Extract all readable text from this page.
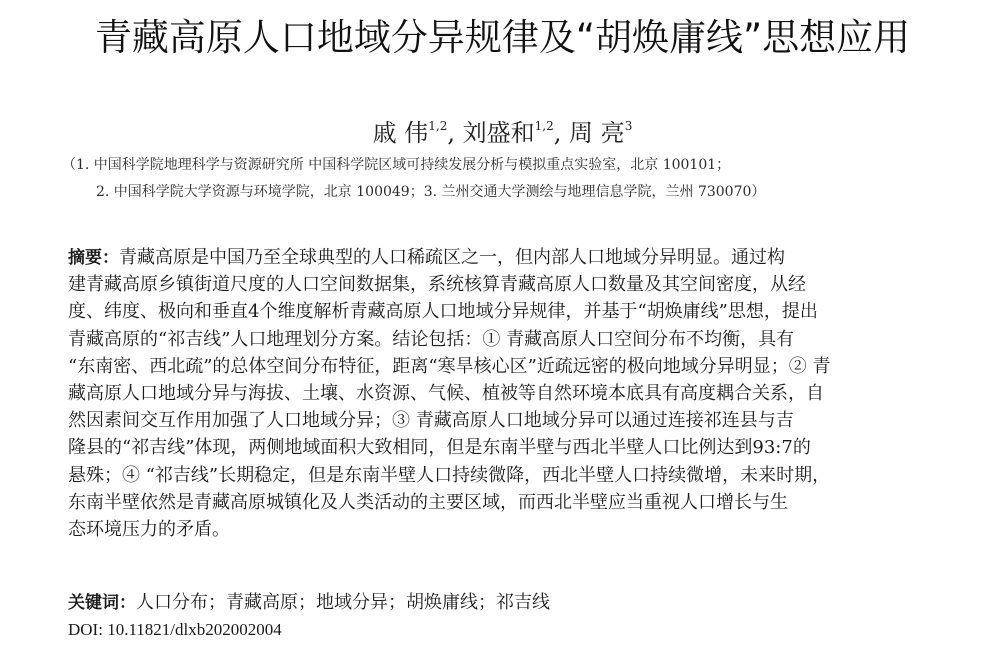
青藏高原人口地域分异规律及“胡焕庸线”思想应用
戚 伟$^{1,2}$, 刘盛和$^{1,2}$, 周 亮$^3$
（1. 中国科学院地理科学与资源研究所 中国科学院区域可持续发展分析与模拟重点实验室，北京 100101；
2. 中国科学院大学资源与环境学院，北京 100049；3. 兰州交通大学测绘与地理信息学院，兰州 730070）
摘要：青藏高原是中国乃至全球典型的人口稀疏区之一，但内部人口地域分异明显。通过构
建青藏高原乡镇街道尺度的人口空间数据集，系统核算青藏高原人口数量及其空间密度，从经
度、纬度、极向和垂直4个维度解析青藏高原人口地域分异规律，并基于“胡焕庸线”思想，提出
青藏高原的“祁吉线”人口地理划分方案。结论包括：① 青藏高原人口空间分布不均衡，具有
“东南密、西北疏”的总体空间分布特征，距离“寒旱核心区”近疏远密的极向地域分异明显；② 青
藏高原人口地域分异与海拔、土壤、水资源、气候、植被等自然环境本底具有高度耦合关系，自
然因素间交互作用加强了人口地域分异；③ 青藏高原人口地域分异可以通过连接祁连县与吉
隆县的“祁吉线”体现，两侧地域面积大致相同，但是东南半壁与西北半壁人口比例达到93:7的
悬殊；④ “祁吉线”长期稳定，但是东南半壁人口持续微降，西北半壁人口持续微增，未来时期，
东南半壁依然是青藏高原城镇化及人类活动的主要区域，而西北半壁应当重视人口增长与生
态环境压力的矛盾。
关键词：人口分布；青藏高原；地域分异；胡焕庸线；祁吉线
DOI: 10.11821/dlxb202002004
